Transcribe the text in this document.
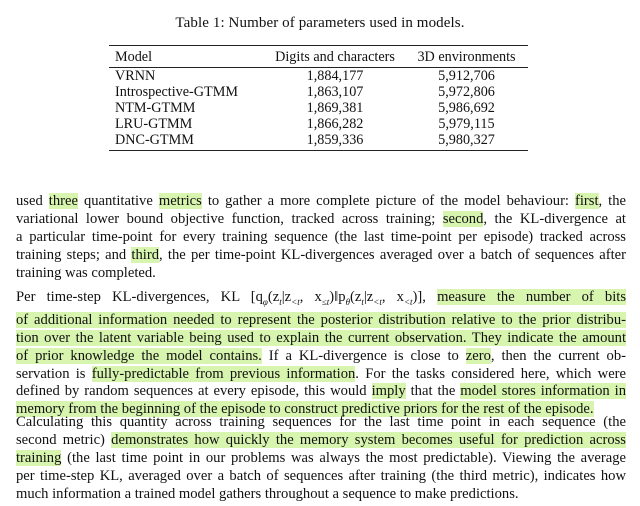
Table 1: Number of parameters used in models.
Model	Digits and characters	3D environments
VRNN	1,884,177	5,912,706
Introspective-GTMM	1,863,107	5,972,806
NTM-GTMM	1,869,381	5,986,692
LRU-GTMM	1,866,282	5,979,115
DNC-GTMM	1,859,336	5,980,327
used three quantitative metrics to gather a more complete picture of the model behaviour: first, the
variational lower bound objective function, tracked across training; second, the KL-divergence at
a particular time-point for every training sequence (the last time-point per episode) tracked across
training steps; and third, the per time-point KL-divergences averaged over a batch of sequences after
training was completed.
Per time-step KL-divergences, KL [$q_\varphi(z_t|z_{<t}$, $x_{\le t})‖p_\theta(z_t|z_{<t}$, $x_{<t}$)], measure the number of bits
of additional information needed to represent the posterior distribution relative to the prior distribu-
tion over the latent variable being used to explain the current observation. They indicate the amount
of prior knowledge the model contains. If a KL-divergence is close to zero, then the current ob-
servation is fully-predictable from previous information. For the tasks considered here, which were
defined by random sequences at every episode, this would imply that the model stores information in
memory from the beginning of the episode to construct predictive priors for the rest of the episode.
Calculating this quantity across training sequences for the last time point in each sequence (the
second metric) demonstrates how quickly the memory system becomes useful for prediction across
training (the last time point in our problems was always the most predictable). Viewing the average
per time-step KL, averaged over a batch of sequences after training (the third metric), indicates how
much information a trained model gathers throughout a sequence to make predictions.
